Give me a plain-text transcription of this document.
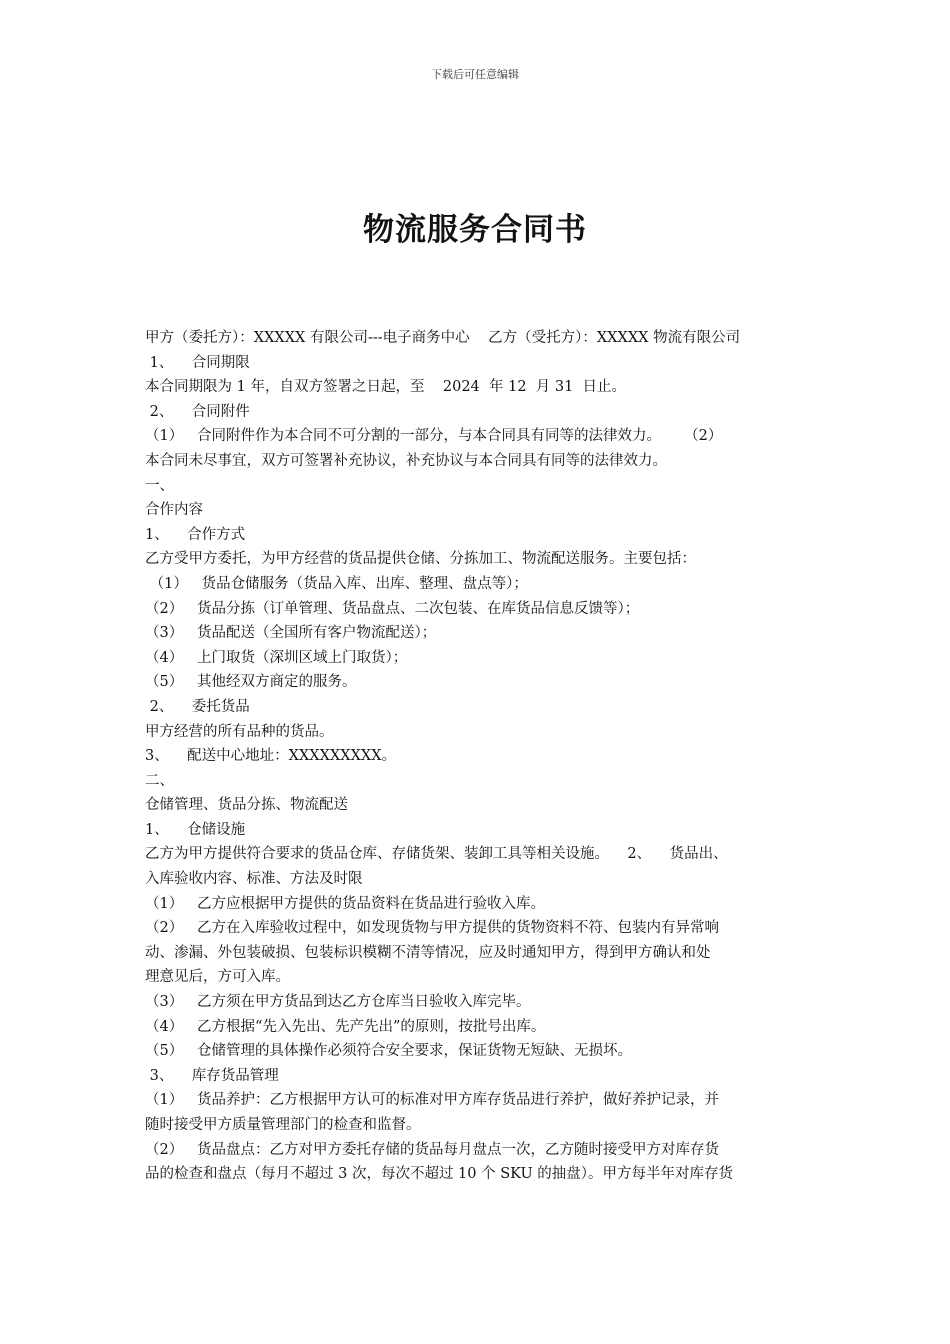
下载后可任意编辑
物流服务合同书
甲方（委托方）：XXXXX 有限公司---电子商务中心    乙方（受托方）：XXXXX 物流有限公司
1、    合同期限
本合同期限为 1 年，自双方签署之日起，至    2024  年 12  月 31  日止。
2、    合同附件
（1）   合同附件作为本合同不可分割的一部分，与本合同具有同等的法律效力。     （2）
本合同未尽事宜，双方可签署补充协议，补充协议与本合同具有同等的法律效力。
一、
合作内容
1、    合作方式
乙方受甲方委托，为甲方经营的货品提供仓储、分拣加工、物流配送服务。主要包括：
（1）   货品仓储服务（货品入库、出库、整理、盘点等）；
（2）   货品分拣（订单管理、货品盘点、二次包装、在库货品信息反馈等）；
（3）   货品配送（全国所有客户物流配送）；
（4）   上门取货（深圳区域上门取货）；
（5）   其他经双方商定的服务。
2、    委托货品
甲方经营的所有品种的货品。
3、    配送中心地址：XXXXXXXXX。
二、
仓储管理、货品分拣、物流配送
1、    仓储设施
乙方为甲方提供符合要求的货品仓库、存储货架、装卸工具等相关设施。    2、    货品出、
入库验收内容、标准、方法及时限
（1）   乙方应根据甲方提供的货品资料在货品进行验收入库。
（2）   乙方在入库验收过程中，如发现货物与甲方提供的货物资料不符、包装内有异常响
动、渗漏、外包装破损、包装标识模糊不清等情况，应及时通知甲方，得到甲方确认和处
理意见后，方可入库。
（3）   乙方须在甲方货品到达乙方仓库当日验收入库完毕。
（4）   乙方根据“先入先出、先产先出”的原则，按批号出库。
（5）   仓储管理的具体操作必须符合安全要求，保证货物无短缺、无损坏。
3、    库存货品管理
（1）   货品养护：乙方根据甲方认可的标准对甲方库存货品进行养护，做好养护记录，并
随时接受甲方质量管理部门的检查和监督。
（2）   货品盘点：乙方对甲方委托存储的货品每月盘点一次，乙方随时接受甲方对库存货
品的检查和盘点（每月不超过 3 次，每次不超过 10 个 SKU 的抽盘）。甲方每半年对库存货
